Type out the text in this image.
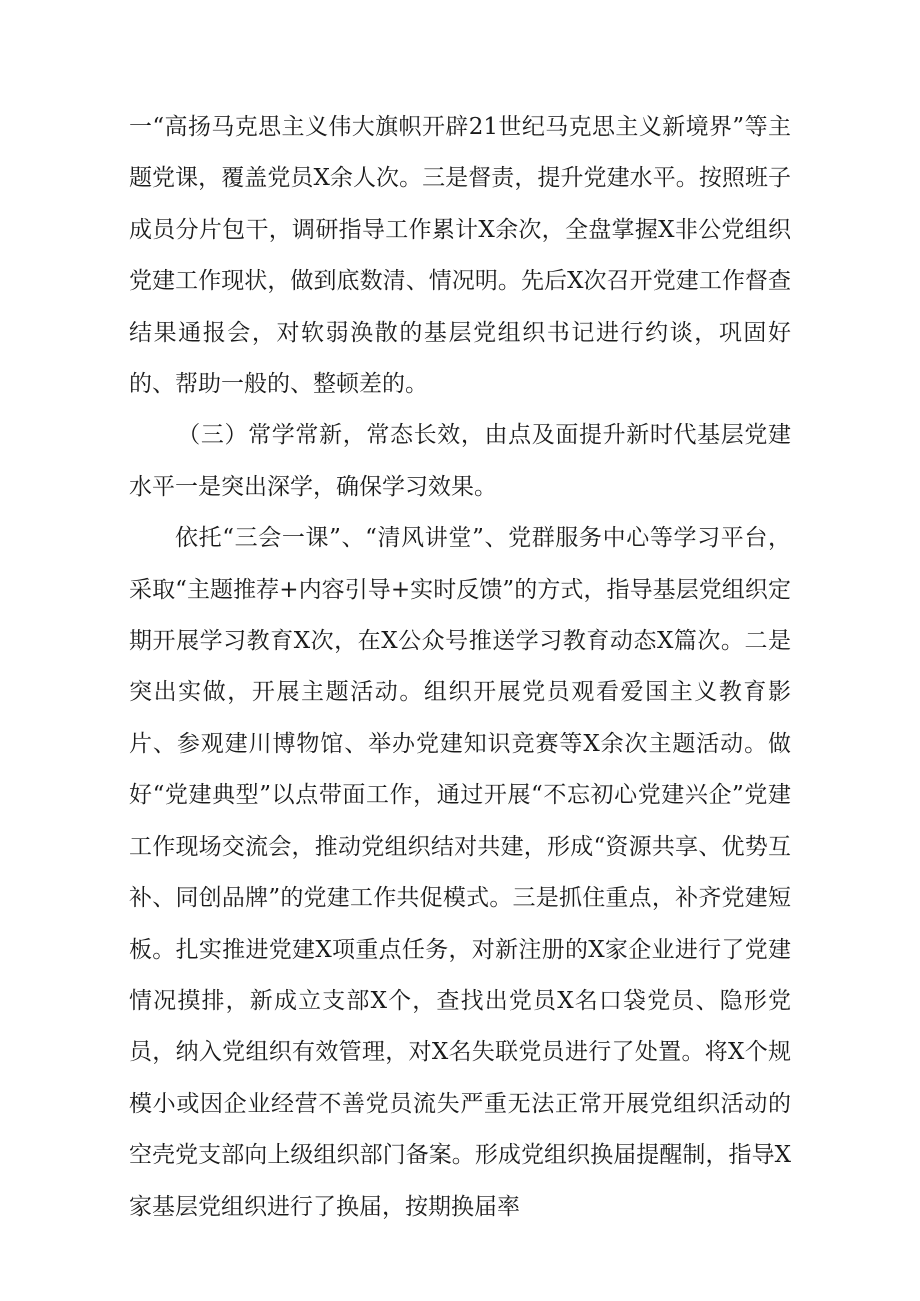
一“高扬马克思主义伟大旗帜开辟21世纪马克思主义新境界”等主题党课，覆盖党员X余人次。三是督责，提升党建水平。按照班子成员分片包干，调研指导工作累计X余次，全盘掌握X非公党组织党建工作现状，做到底数清、情况明。先后X次召开党建工作督查结果通报会，对软弱涣散的基层党组织书记进行约谈，巩固好的、帮助一般的、整顿差的。

（三）常学常新，常态长效，由点及面提升新时代基层党建水平一是突出深学，确保学习效果。

依托“三会一课”、“清风讲堂”、党群服务中心等学习平台，采取“主题推荐+内容引导+实时反馈”的方式，指导基层党组织定期开展学习教育X次，在X公众号推送学习教育动态X篇次。二是突出实做，开展主题活动。组织开展党员观看爱国主义教育影片、参观建川博物馆、举办党建知识竞赛等X余次主题活动。做好“党建典型”以点带面工作，通过开展“不忘初心党建兴企”党建工作现场交流会，推动党组织结对共建，形成“资源共享、优势互补、同创品牌”的党建工作共促模式。三是抓住重点，补齐党建短板。扎实推进党建X项重点任务，对新注册的X家企业进行了党建情况摸排，新成立支部X个，查找出党员X名口袋党员、隐形党员，纳入党组织有效管理，对X名失联党员进行了处置。将X个规模小或因企业经营不善党员流失严重无法正常开展党组织活动的空壳党支部向上级组织部门备案。形成党组织换届提醒制，指导X家基层党组织进行了换届，按期换届率
